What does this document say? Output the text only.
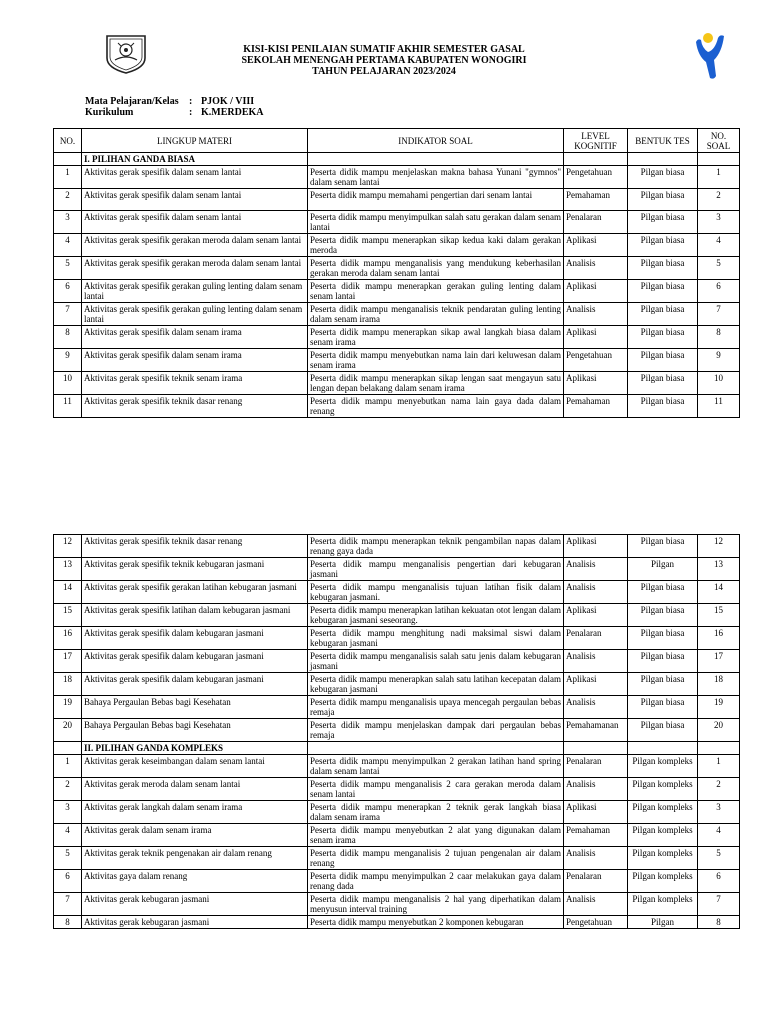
KISI-KISI PENILAIAN SUMATIF AKHIR SEMESTER GASAL
SEKOLAH MENENGAH PERTAMA KABUPATEN WONOGIRI
TAHUN PELAJARAN 2023/2024
Mata Pelajaran/Kelas	: PJOK / VIII
Kurikulum	: K.MERDEKA
NO.	LINGKUP MATERI	INDIKATOR SOAL	LEVEL KOGNITIF	BENTUK TES	NO. SOAL
	I. PILIHAN GANDA BIASA				
1	Aktivitas gerak spesifik dalam senam lantai	Peserta didik mampu menjelaskan makna bahasa Yunani "gymnos" dalam senam lantai	Pengetahuan	Pilgan biasa	1
2	Aktivitas gerak spesifik dalam senam lantai	Peserta didik mampu memahami pengertian dari senam lantai	Pemahaman	Pilgan biasa	2
3	Aktivitas gerak spesifik dalam senam lantai	Peserta didik mampu menyimpulkan salah satu gerakan dalam senam lantai	Penalaran	Pilgan biasa	3
4	Aktivitas gerak spesifik gerakan meroda dalam senam lantai	Peserta didik mampu menerapkan sikap kedua kaki dalam gerakan meroda	Aplikasi	Pilgan biasa	4
5	Aktivitas gerak spesifik gerakan meroda dalam senam lantai	Peserta didik mampu menganalisis yang mendukung keberhasilan gerakan meroda dalam senam lantai	Analisis	Pilgan biasa	5
6	Aktivitas gerak spesifik gerakan guling lenting dalam senam lantai	Peserta didik mampu menerapkan gerakan guling lenting dalam senam lantai	Aplikasi	Pilgan biasa	6
7	Aktivitas gerak spesifik gerakan guling lenting dalam senam lantai	Peserta didik mampu menganalisis teknik pendaratan guling lenting dalam senam irama	Analisis	Pilgan biasa	7
8	Aktivitas gerak spesifik dalam senam irama	Peserta didik mampu menerapkan sikap awal langkah biasa dalam senam irama	Aplikasi	Pilgan biasa	8
9	Aktivitas gerak spesifik dalam senam irama	Peserta didik mampu menyebutkan nama lain dari keluwesan dalam senam irama	Pengetahuan	Pilgan biasa	9
10	Aktivitas gerak spesifik teknik senam irama	Peserta didik mampu menerapkan sikap lengan saat mengayun satu lengan depan belakang dalam senam irama	Aplikasi	Pilgan biasa	10
11	Aktivitas gerak spesifik teknik dasar renang	Peserta didik mampu menyebutkan nama lain gaya dada dalam renang	Pemahaman	Pilgan biasa	11
12	Aktivitas gerak spesifik teknik dasar renang	Peserta didik mampu menerapkan teknik pengambilan napas dalam renang gaya dada	Aplikasi	Pilgan biasa	12
13	Aktivitas gerak spesifik teknik kebugaran jasmani	Peserta didik mampu menganalisis pengertian dari kebugaran jasmani	Analisis	Pilgan	13
14	Aktivitas gerak spesifik gerakan latihan kebugaran jasmani	Peserta didik mampu menganalisis tujuan latihan fisik dalam kebugaran jasmani.	Analisis	Pilgan biasa	14
15	Aktivitas gerak spesifik latihan dalam kebugaran jasmani	Peserta didik mampu menerapkan latihan kekuatan otot lengan dalam kebugaran jasmani seseorang.	Aplikasi	Pilgan biasa	15
16	Aktivitas gerak spesifik dalam kebugaran jasmani	Peserta didik mampu menghitung nadi maksimal siswi dalam kebugaran jasmani	Penalaran	Pilgan biasa	16
17	Aktivitas gerak spesifik dalam kebugaran jasmani	Peserta didik mampu menganalisis salah satu jenis dalam kebugaran jasmani	Analisis	Pilgan biasa	17
18	Aktivitas gerak spesifik dalam kebugaran jasmani	Peserta didik mampu menerapkan salah satu latihan kecepatan dalam kebugaran jasmani	Aplikasi	Pilgan biasa	18
19	Bahaya Pergaulan Bebas bagi Kesehatan	Peserta didik mampu menganalisis upaya mencegah pergaulan bebas remaja	Analisis	Pilgan biasa	19
20	Bahaya Pergaulan Bebas bagi Kesehatan	Peserta didik mampu menjelaskan dampak dari pergaulan bebas remaja	Pemahamanan	Pilgan biasa	20
	II. PILIHAN GANDA KOMPLEKS				
1	Aktivitas gerak keseimbangan dalam senam lantai	Peserta didik mampu menyimpulkan 2 gerakan latihan hand spring dalam senam lantai	Penalaran	Pilgan kompleks	1
2	Aktivitas gerak meroda dalam senam lantai	Peserta didik mampu menganalisis 2 cara gerakan meroda dalam senam lantai	Analisis	Pilgan kompleks	2
3	Aktivitas gerak langkah dalam senam irama	Peserta didik mampu menerapkan 2 teknik gerak langkah biasa dalam senam irama	Aplikasi	Pilgan kompleks	3
4	Aktivitas gerak dalam senam irama	Peserta didik mampu menyebutkan 2 alat yang digunakan dalam senam irama	Pemahaman	Pilgan kompleks	4
5	Aktivitas gerak teknik pengenakan air dalam renang	Peserta didik mampu menganalisis 2 tujuan pengenalan air dalam renang	Analisis	Pilgan kompleks	5
6	Aktivitas gaya dalam renang	Peserta didik mampu menyimpulkan 2 caar melakukan gaya dalam renang dada	Penalaran	Pilgan kompleks	6
7	Aktivitas gerak kebugaran jasmani	Peserta didik mampu menganalisis 2 hal yang diperhatikan dalam menyusun interval training	Analisis	Pilgan kompleks	7
8	Aktivitas gerak kebugaran jasmani	Peserta didik mampu menyebutkan 2 komponen kebugaran	Pengetahuan	Pilgan	8
